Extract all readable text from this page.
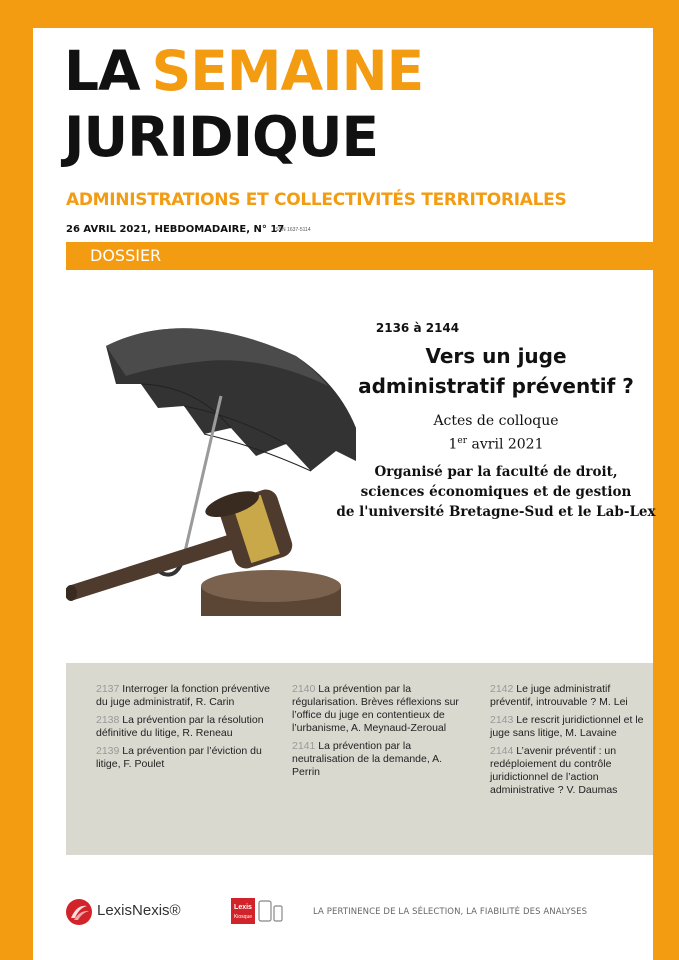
LA SEMAINE
JURIDIQUE
ADMINISTRATIONS ET COLLECTIVITÉS TERRITORIALES
26 AVRIL 2021, HEBDOMADAIRE, N° 17
ISSN 1637-5114
DOSSIER
2136 à 2144
Vers un juge
administratif préventif ?
Actes de colloque
1er avril 2021
Organisé par la faculté de droit,
sciences économiques et de gestion
de l'université Bretagne-Sud et le Lab-Lex
2137 Interroger la fonction préventive du juge administratif, R. Carin
2138 La prévention par la résolution définitive du litige, R. Reneau
2139 La prévention par l’éviction du litige, F. Poulet
2140 La prévention par la régularisation. Brèves réflexions sur l’office du juge en contentieux de l’urbanisme, A. Meynaud-Zeroual
2141 La prévention par la neutralisation de la demande, A. Perrin
2142 Le juge administratif préventif, introuvable ? M. Lei
2143 Le rescrit juridictionnel et le juge sans litige, M. Lavaine
2144 L’avenir préventif : un redéploiement du contrôle juridictionnel de l’action administrative ? V. Daumas
LexisNexis®	Lexis
Kiosque	LA PERTINENCE DE LA SÉLECTION, LA FIABILITÉ DES ANALYSES
